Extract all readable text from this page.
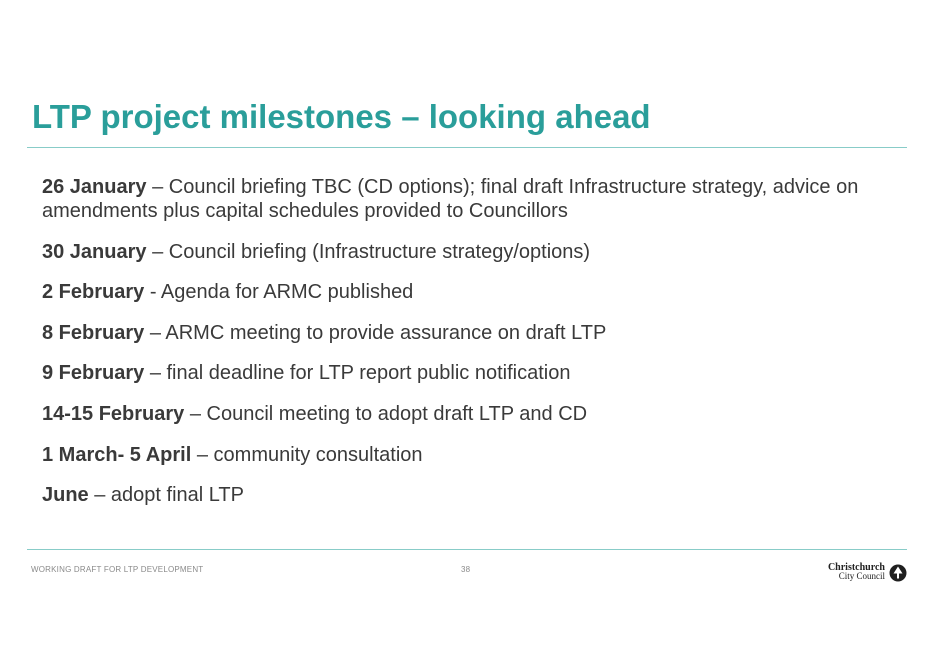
LTP project milestones – looking ahead
26 January – Council briefing TBC (CD options); final draft Infrastructure strategy, advice on amendments plus capital schedules provided to Councillors
30 January – Council briefing (Infrastructure strategy/options)
2 February - Agenda for ARMC published
8 February – ARMC meeting to provide assurance on draft LTP
9 February – final deadline for LTP report public notification
14-15 February – Council meeting to adopt draft LTP and CD
1 March- 5 April – community consultation
June – adopt final LTP
WORKING DRAFT FOR LTP DEVELOPMENT	38	Christchurch
City Council
